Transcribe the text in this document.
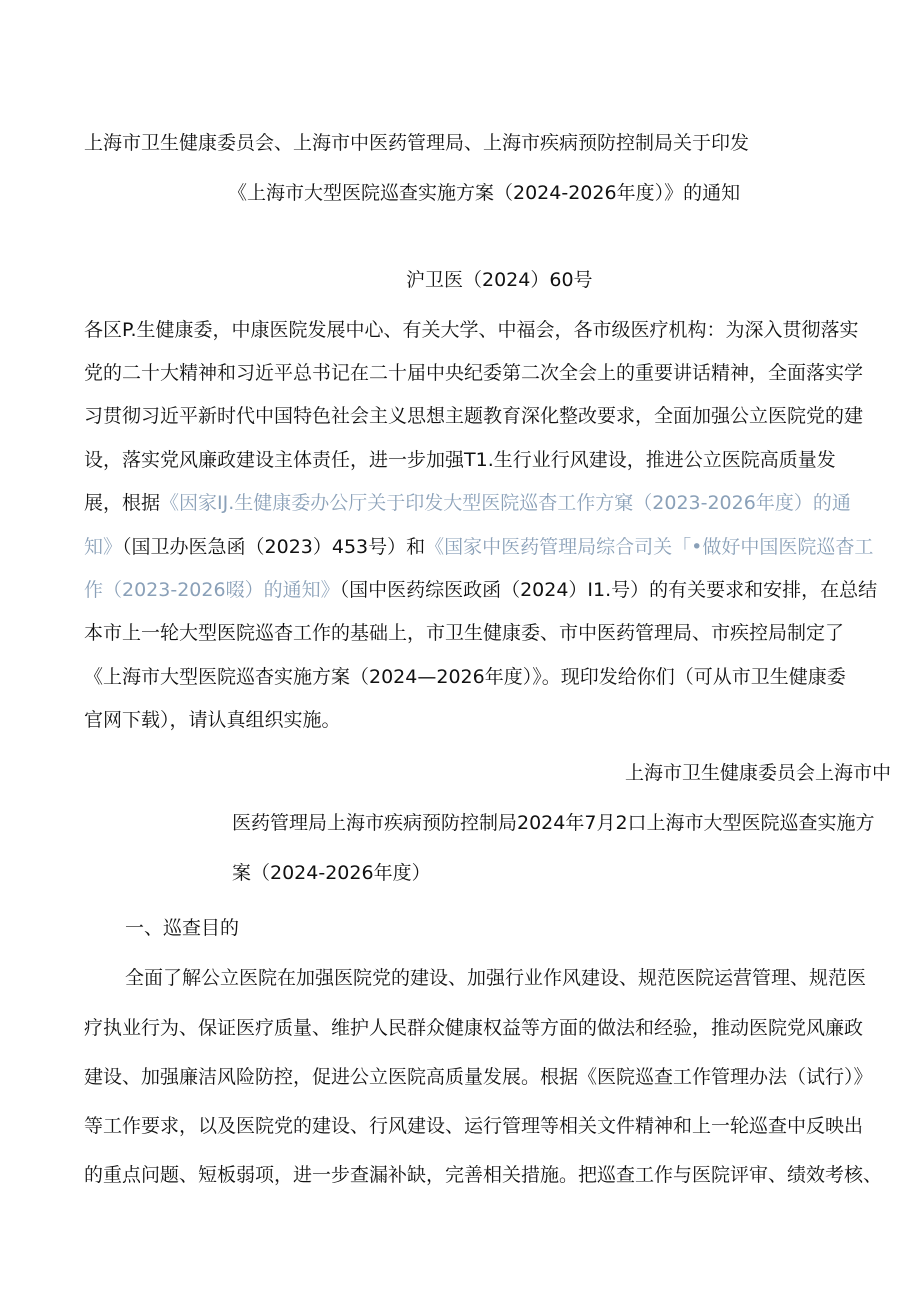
上海市卫生健康委员会、上海市中医药管理局、上海市疾病预防控制局关于印发
《上海市大型医院巡查实施方案（2024-2026年度）》的通知
沪卫医（2024）60号
各区P.生健康委，中康医院发展中心、有关大学、中福会，各市级医疗机构：为深入贯彻落实
党的二十大精神和习近平总书记在二十届中央纪委第二次全会上的重要讲话精神，全面落实学
习贯彻习近平新时代中国特色社会主义思想主题教育深化整改要求，全面加强公立医院党的建
设，落实党风廉政建设主体责任，进一步加强T1.生行业行风建设，推进公立医院高质量发
展，根据《因家IJ.生健康委办公厅关于印发大型医院巡杳工作方窠（2023-2026年度）的通
知》（国卫办医急函（2023）453号）和《国家中医药管理局综合司关「•做好中国医院巡杳工
作（2023-2026啜）的通知》（国中医药综医政函（2024）I1.号）的有关要求和安排，在总结
本市上一轮大型医院巡杳工作的基础上，市卫生健康委、市中医药管理局、市疾控局制定了
《上海市大型医院巡杳实施方案（2024—2026年度）》。现印发给你们（可从市卫生健康委
官网下载），请认真组织实施。
上海市卫生健康委员会上海市中
医药管理局上海市疾病预防控制局2024年7月2口上海市大型医院巡查实施方
案（2024-2026年度）
一、巡查目的
全面了解公立医院在加强医院党的建设、加强行业作风建设、规范医院运营管理、规范医
疗执业行为、保证医疗质量、维护人民群众健康权益等方面的做法和经验，推动医院党风廉政
建设、加强廉洁风险防控，促进公立医院高质量发展。根据《医院巡查工作管理办法（试行）》
等工作要求，以及医院党的建设、行风建设、运行管理等相关文件精神和上一轮巡查中反映出
的重点问题、短板弱项，进一步查漏补缺，完善相关措施。把巡查工作与医院评审、绩效考核、
